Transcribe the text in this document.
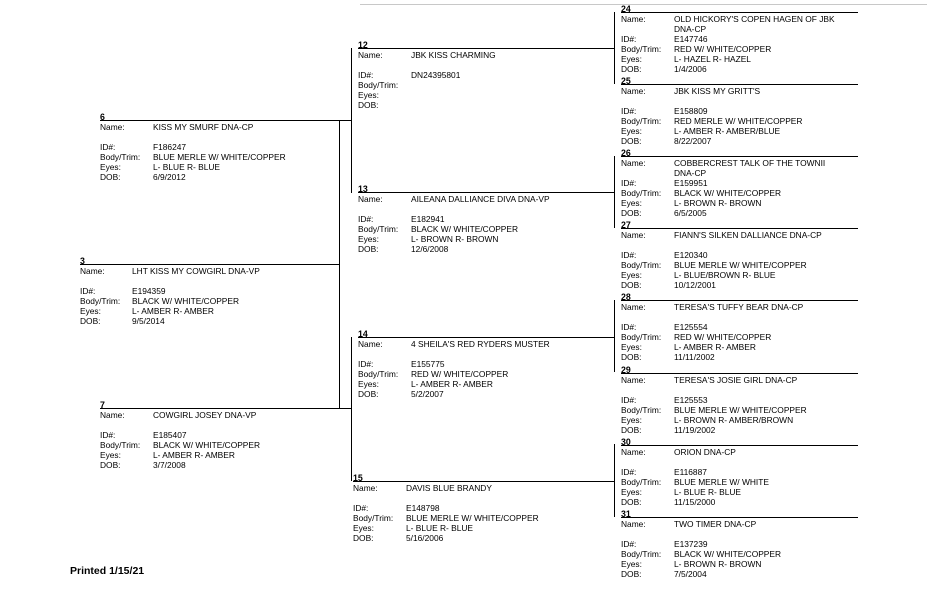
3
Name:	LHT KISS MY COWGIRL DNA-VP
ID#:	E194359
Body/Trim: BLACK W/ WHITE/COPPER
Eyes:	L- AMBER R- AMBER
DOB:	9/5/2014
6
Name:	KISS MY SMURF DNA-CP
ID#:	F186247
Body/Trim: BLUE MERLE W/ WHITE/COPPER
Eyes:	L- BLUE R- BLUE
DOB:	6/9/2012
7
Name:	COWGIRL JOSEY DNA-VP
ID#:	E185407
Body/Trim: BLACK W/ WHITE/COPPER
Eyes:	L- AMBER R- AMBER
DOB:	3/7/2008
12
Name:	JBK KISS CHARMING
ID#:	DN24395801
Body/Trim:
Eyes:
DOB:
13
Name:	AILEANA DALLIANCE DIVA DNA-VP
ID#:	E182941
Body/Trim: BLACK W/ WHITE/COPPER
Eyes:	L- BROWN R- BROWN
DOB:	12/6/2008
14
Name:	4 SHEILA'S RED RYDERS MUSTER
ID#:	E155775
Body/Trim: RED W/ WHITE/COPPER
Eyes:	L- AMBER R- AMBER
DOB:	5/2/2007
15
Name:	DAVIS BLUE BRANDY
ID#:	E148798
Body/Trim: BLUE MERLE W/ WHITE/COPPER
Eyes:	L- BLUE R- BLUE
DOB:	5/16/2006
24
Name:	OLD HICKORY'S COPEN HAGEN OF JBK
ID#:	E147746
Body/Trim: RED W/ WHITE/COPPER
Eyes:	L- HAZEL R- HAZEL
DOB:	1/4/2006
DNA-CP
25
Name:	JBK KISS MY GRITT'S
ID#:	E158809
Body/Trim: RED MERLE W/ WHITE/COPPER
Eyes:	L- AMBER R- AMBER/BLUE
DOB:	8/22/2007
26
Name:	COBBERCREST TALK OF THE TOWNII
ID#:	E159951
Body/Trim: BLACK W/ WHITE/COPPER
Eyes:	L- BROWN R- BROWN
DOB:	6/5/2005
DNA-CP
27
Name:	FIANN'S SILKEN DALLIANCE DNA-CP
ID#:	E120340
Body/Trim: BLUE MERLE W/ WHITE/COPPER
Eyes:	L- BLUE/BROWN R- BLUE
DOB:	10/12/2001
28
Name:	TERESA'S TUFFY BEAR DNA-CP
ID#:	E125554
Body/Trim: RED W/ WHITE/COPPER
Eyes:	L- AMBER R- AMBER
DOB:	11/11/2002
29
Name:	TERESA'S JOSIE GIRL DNA-CP
ID#:	E125553
Body/Trim: BLUE MERLE W/ WHITE/COPPER
Eyes:	L- BROWN R- AMBER/BROWN
DOB:	11/19/2002
30
Name:	ORION DNA-CP
ID#:	E116887
Body/Trim: BLUE MERLE W/ WHITE
Eyes:	L- BLUE R- BLUE
DOB:	11/15/2000
31
Name:	TWO TIMER DNA-CP
ID#:	E137239
Body/Trim: BLACK W/ WHITE/COPPER
Eyes:	L- BROWN R- BROWN
DOB:	7/5/2004
Printed 1/15/21
